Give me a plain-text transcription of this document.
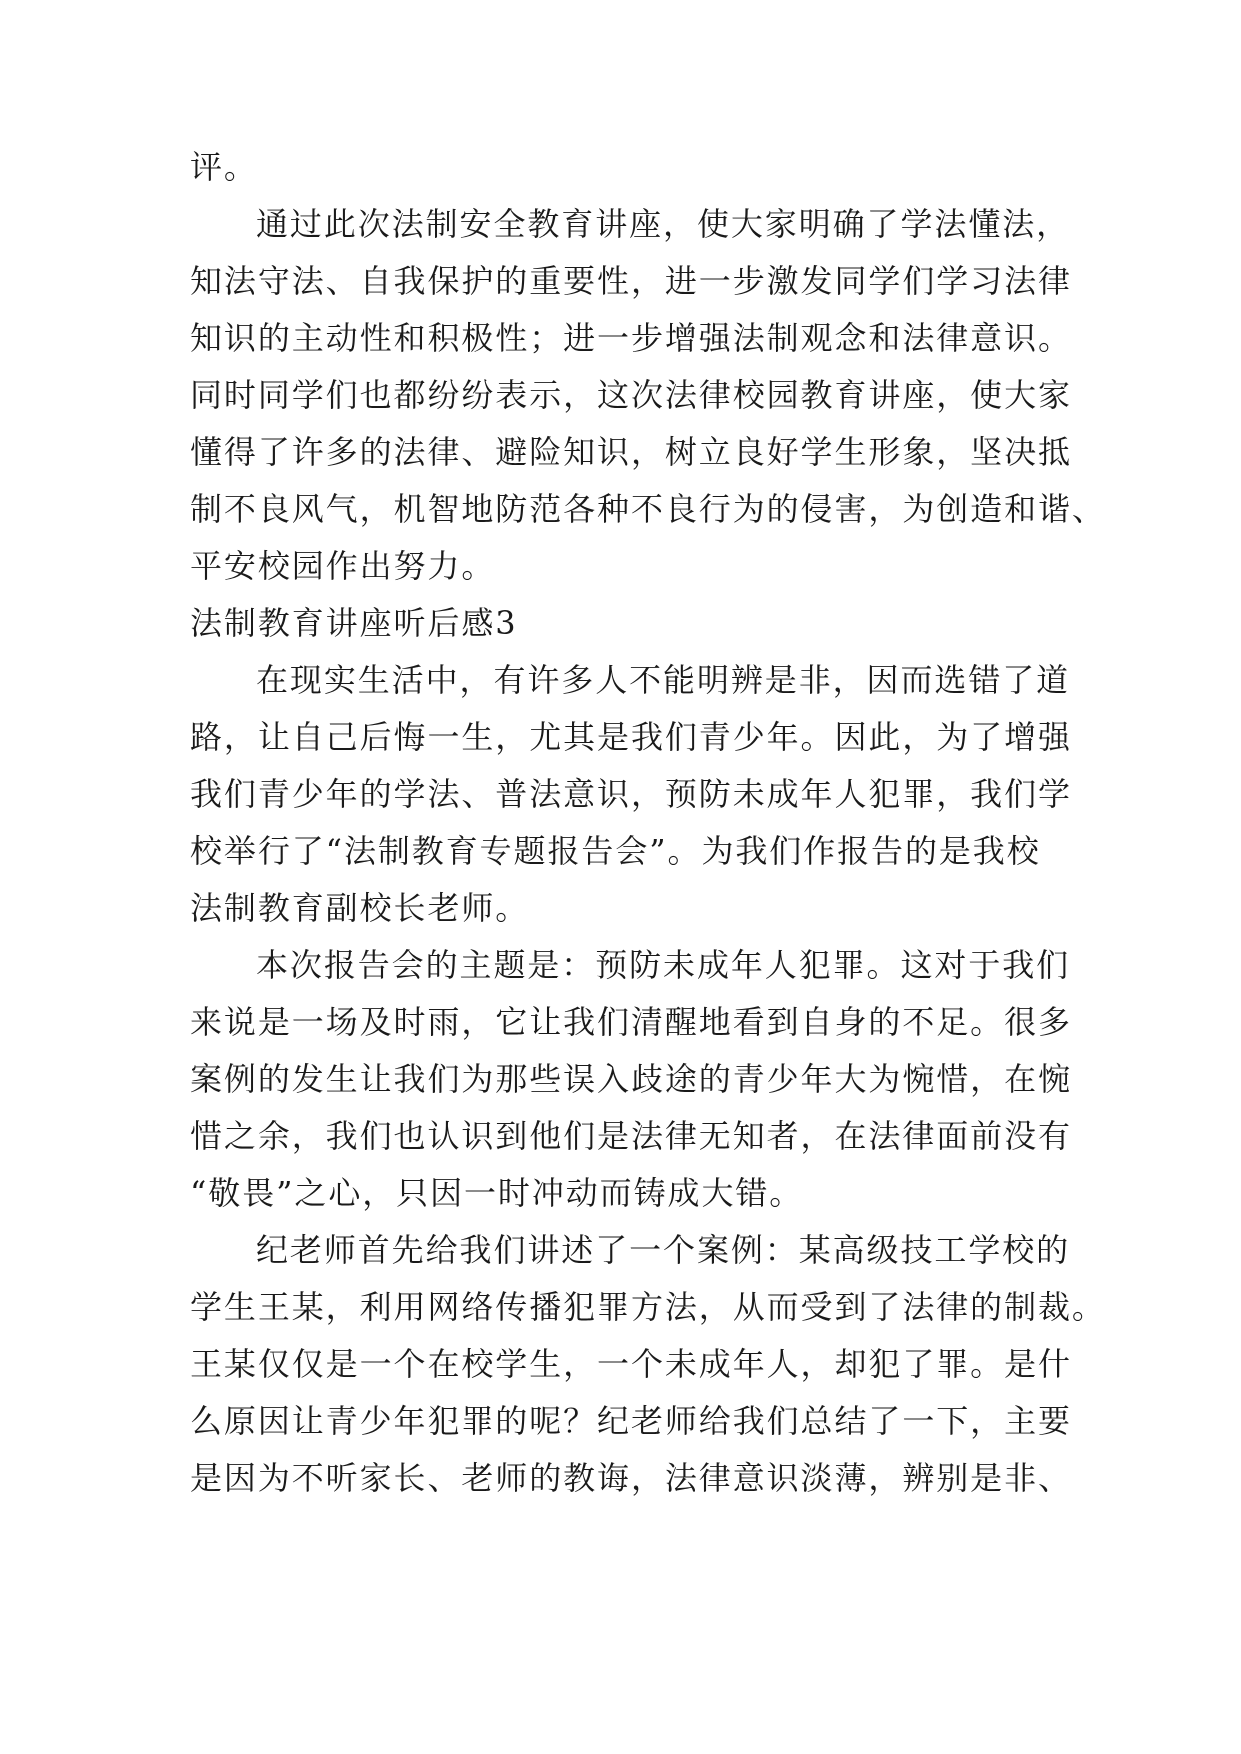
评。
通过此次法制安全教育讲座，使大家明确了学法懂法，
知法守法、自我保护的重要性，进一步激发同学们学习法律
知识的主动性和积极性；进一步增强法制观念和法律意识。
同时同学们也都纷纷表示，这次法律校园教育讲座，使大家
懂得了许多的法律、避险知识，树立良好学生形象，坚决抵
制不良风气，机智地防范各种不良行为的侵害，为创造和谐、
平安校园作出努力。
法制教育讲座听后感3
在现实生活中，有许多人不能明辨是非，因而选错了道
路，让自己后悔一生，尤其是我们青少年。因此，为了增强
我们青少年的学法、普法意识，预防未成年人犯罪，我们学
校举行了“法制教育专题报告会”。为我们作报告的是我校
法制教育副校长老师。
本次报告会的主题是：预防未成年人犯罪。这对于我们
来说是一场及时雨，它让我们清醒地看到自身的不足。很多
案例的发生让我们为那些误入歧途的青少年大为惋惜，在惋
惜之余，我们也认识到他们是法律无知者，在法律面前没有
“敬畏”之心，只因一时冲动而铸成大错。
纪老师首先给我们讲述了一个案例：某高级技工学校的
学生王某，利用网络传播犯罪方法，从而受到了法律的制裁。
王某仅仅是一个在校学生，一个未成年人，却犯了罪。是什
么原因让青少年犯罪的呢？纪老师给我们总结了一下，主要
是因为不听家长、老师的教诲，法律意识淡薄，辨别是非、
